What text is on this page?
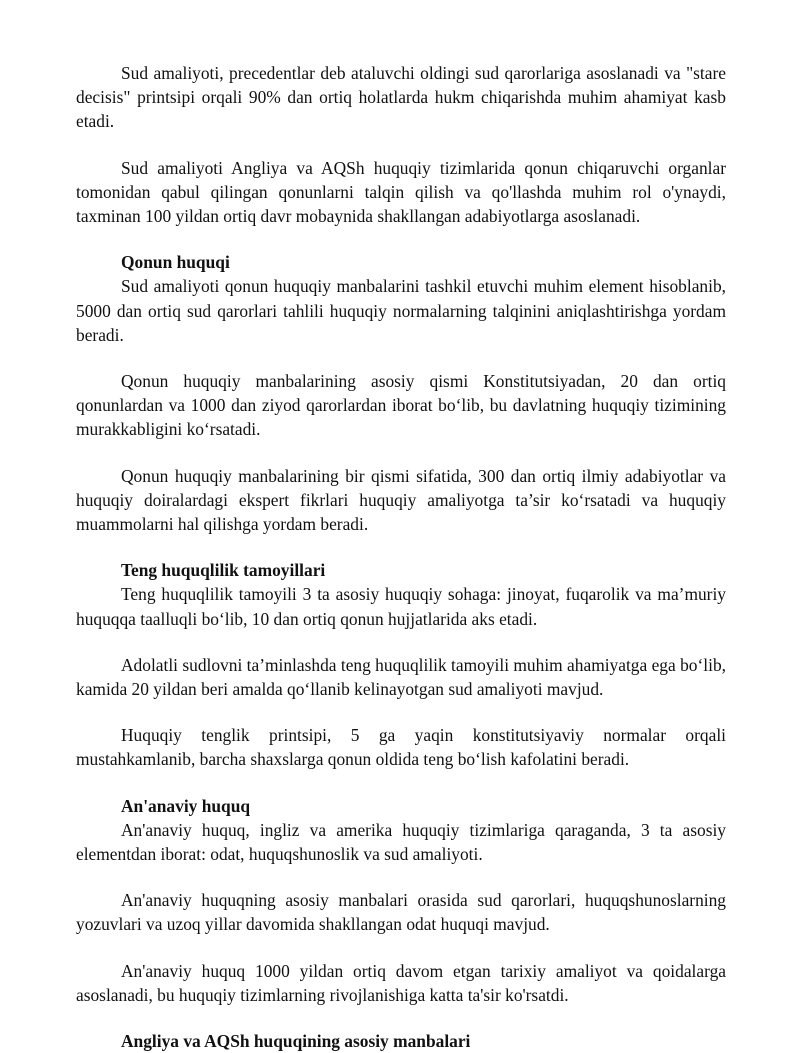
Sud amaliyoti, precedentlar deb ataluvchi oldingi sud qarorlariga asoslanadi va "stare decisis" printsipi orqali 90% dan ortiq holatlarda hukm chiqarishda muhim ahamiyat kasb etadi.

Sud amaliyoti Angliya va AQSh huquqiy tizimlarida qonun chiqaruvchi organlar tomonidan qabul qilingan qonunlarni talqin qilish va qo'llashda muhim rol o'ynaydi, taxminan 100 yildan ortiq davr mobaynida shakllangan adabiyotlarga asoslanadi.

Qonun huquqi

Sud amaliyoti qonun huquqiy manbalarini tashkil etuvchi muhim element hisoblanib, 5000 dan ortiq sud qarorlari tahlili huquqiy normalarning talqinini aniqlashtirishga yordam beradi.

Qonun huquqiy manbalarining asosiy qismi Konstitutsiyadan, 20 dan ortiq qonunlardan va 1000 dan ziyod qarorlardan iborat bo‘lib, bu davlatning huquqiy tizimining murakkabligini ko‘rsatadi.

Qonun huquqiy manbalarining bir qismi sifatida, 300 dan ortiq ilmiy adabiyotlar va huquqiy doiralardagi ekspert fikrlari huquqiy amaliyotga ta’sir ko‘rsatadi va huquqiy muammolarni hal qilishga yordam beradi.

Teng huquqlilik tamoyillari

Teng huquqlilik tamoyili 3 ta asosiy huquqiy sohaga: jinoyat, fuqarolik va ma’muriy huquqqa taalluqli bo‘lib, 10 dan ortiq qonun hujjatlarida aks etadi.

Adolatli sudlovni ta’minlashda teng huquqlilik tamoyili muhim ahamiyatga ega bo‘lib, kamida 20 yildan beri amalda qo‘llanib kelinayotgan sud amaliyoti mavjud.

Huquqiy tenglik printsipi, 5 ga yaqin konstitutsiyaviy normalar orqali mustahkamlanib, barcha shaxslarga qonun oldida teng bo‘lish kafolatini beradi.

An'anaviy huquq

An'anaviy huquq, ingliz va amerika huquqiy tizimlariga qaraganda, 3 ta asosiy elementdan iborat: odat, huquqshunoslik va sud amaliyoti.

An'anaviy huquqning asosiy manbalari orasida sud qarorlari, huquqshunoslarning yozuvlari va uzoq yillar davomida shakllangan odat huquqi mavjud.

An'anaviy huquq 1000 yildan ortiq davom etgan tarixiy amaliyot va qoidalarga asoslanadi, bu huquqiy tizimlarning rivojlanishiga katta ta'sir ko'rsatdi.

Angliya va AQSh huquqining asosiy manbalari
